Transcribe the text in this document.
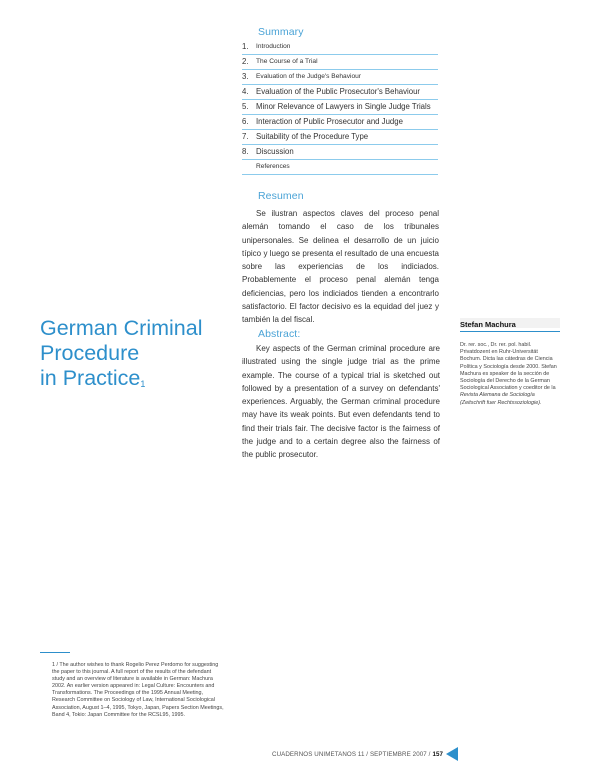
Summary
1.	Introduction
2.	The Course of a Trial
3.	Evaluation of the Judge's Behaviour
4. Evaluation of the Public Prosecutor's Behaviour
5. Minor Relevance of Lawyers in Single Judge Trials
6. Interaction of Public Prosecutor and Judge
7. Suitability of the Procedure Type
8. Discussion
References
Resumen

Se ilustran aspectos claves del proceso penal alemán tomando el caso de los tribunales unipersonales. Se delinea el desarrollo de un juicio típico y luego se presenta el resultado de una encuesta sobre las experiencias de los indiciados. Probablemente el proceso penal alemán tenga deficiencias, pero los indiciados tienden a encontrarlo satisfactorio. El factor decisivo es la equidad del juez y también la del fiscal.

German Criminal
Procedure
in Practice$^1$
Abstract:

Key aspects of the German criminal procedure are illustrated using the single judge trial as the prime example. The course of a typical trial is sketched out followed by a presentation of a survey on defendants' experiences. Arguably, the German criminal procedure may have its weak points. But even defendants tend to find their trials fair. The decisive factor is the fairness of the judge and to a certain degree also the fairness of the public prosecutor.

Stefan Machura

Dr. rer. soc., Dr. rer. pol. habil. Privatdozent en Ruhr-Universität Bochum. Dicta las cátedras de Ciencia Política y Sociología desde 2000. Stefan Machura es speaker de la sección de Sociología del Derecho de la German Sociological Association y coeditor de la Revista Alemana de Sociología (Zeitschrift fuer Rechtssoziologie).

1 / The author wishes to thank Rogelio Perez Perdomo for suggesting the paper to this journal. A full report of the results of the defendant study and an overview of literature is available in German: Machura 2002. An earlier version appeared in: Legal Culture: Encounters and Transformations. The Proceedings of the 1995 Annual Meeting, Research Committee on Sociology of Law, International Sociological Association, August 1–4, 1995, Tokyo, Japan, Papers Section Meetings, Band 4, Tokio: Japan Committee for the RCSL95, 1995.

CUADERNOS UNIMETANOS 11 / SEPTIEMBRE 2007 / 157
